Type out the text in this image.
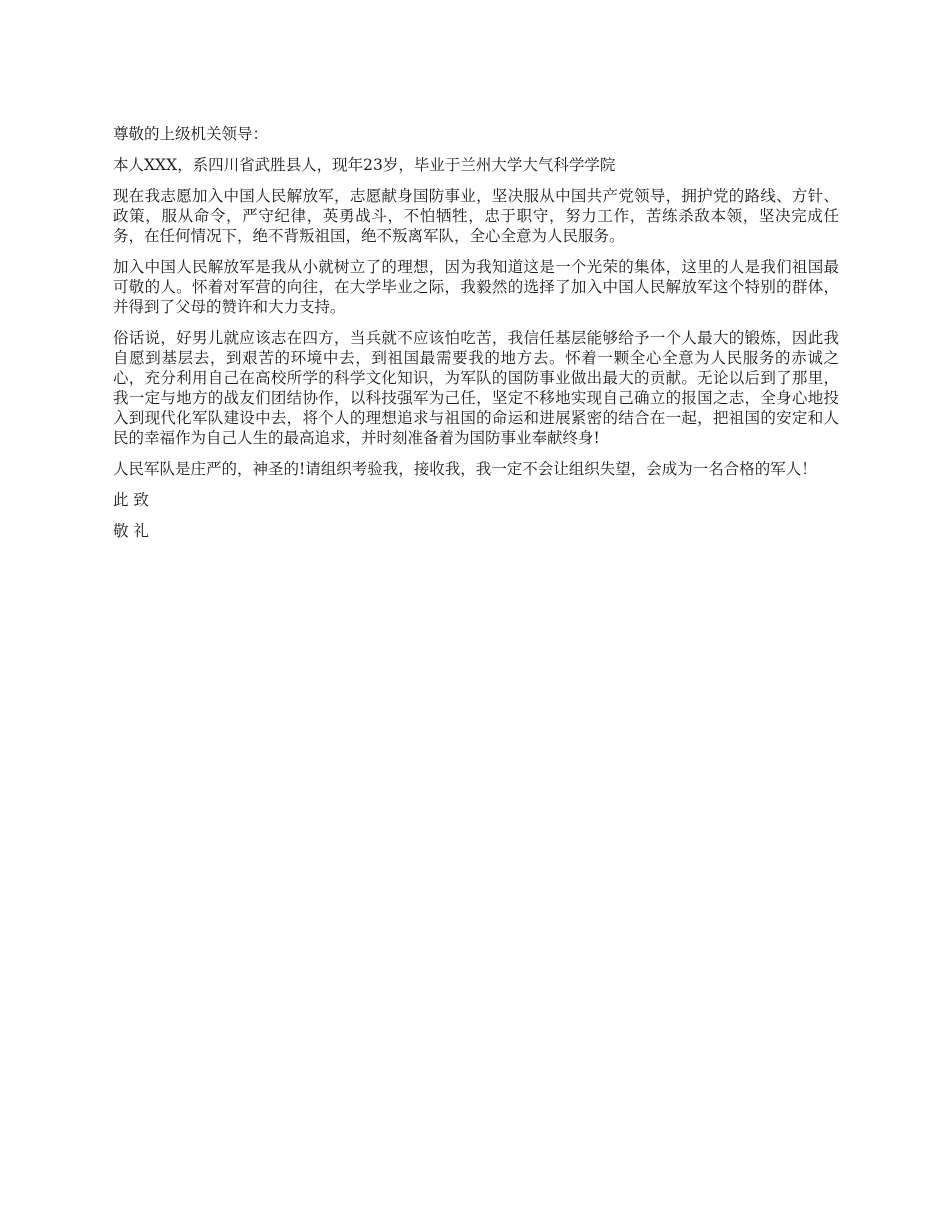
尊敬的上级机关领导：

本人XXX，系四川省武胜县人，现年23岁，毕业于兰州大学大气科学学院

现在我志愿加入中国人民解放军，志愿献身国防事业，坚决服从中国共产党领导，拥护党的路线、方针、政策，服从命令，严守纪律，英勇战斗，不怕牺牲，忠于职守，努力工作，苦练杀敌本领，坚决完成任务，在任何情况下，绝不背叛祖国，绝不叛离军队，全心全意为人民服务。

加入中国人民解放军是我从小就树立了的理想，因为我知道这是一个光荣的集体，这里的人是我们祖国最可敬的人。怀着对军营的向往，在大学毕业之际，我毅然的选择了加入中国人民解放军这个特别的群体，并得到了父母的赞许和大力支持。

俗话说，好男儿就应该志在四方，当兵就不应该怕吃苦，我信任基层能够给予一个人最大的锻炼，因此我自愿到基层去，到艰苦的环境中去，到祖国最需要我的地方去。怀着一颗全心全意为人民服务的赤诚之心，充分利用自己在高校所学的科学文化知识，为军队的国防事业做出最大的贡献。无论以后到了那里，我一定与地方的战友们团结协作，以科技强军为己任，坚定不移地实现自己确立的报国之志，全身心地投入到现代化军队建设中去，将个人的理想追求与祖国的命运和进展紧密的结合在一起，把祖国的安定和人民的幸福作为自己人生的最高追求，并时刻准备着为国防事业奉献终身!

人民军队是庄严的，神圣的!请组织考验我，接收我，我一定不会让组织失望，会成为一名合格的军人！

此 致

敬 礼
